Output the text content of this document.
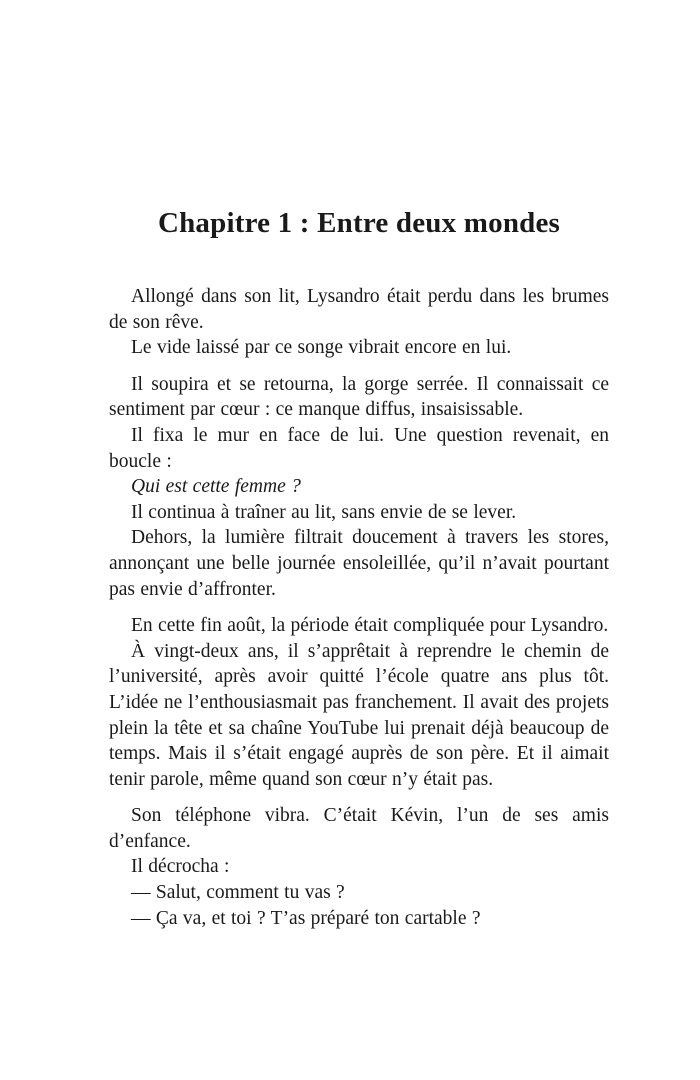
Chapitre 1 : Entre deux mondes

Allongé dans son lit, Lysandro était perdu dans les brumes de son rêve.

Le vide laissé par ce songe vibrait encore en lui.

Il soupira et se retourna, la gorge serrée. Il connaissait ce sentiment par cœur : ce manque diffus, insaisissable.

Il fixa le mur en face de lui. Une question revenait, en boucle :

Qui est cette femme ?

Il continua à traîner au lit, sans envie de se lever.

Dehors, la lumière filtrait doucement à travers les stores, annonçant une belle journée ensoleillée, qu’il n’avait pourtant pas envie d’affronter.

En cette fin août, la période était compliquée pour Lysandro.

À vingt-deux ans, il s’apprêtait à reprendre le chemin de l’université, après avoir quitté l’école quatre ans plus tôt. L’idée ne l’enthousiasmait pas franchement. Il avait des projets plein la tête et sa chaîne YouTube lui prenait déjà beaucoup de temps. Mais il s’était engagé auprès de son père. Et il aimait tenir parole, même quand son cœur n’y était pas.

Son téléphone vibra. C’était Kévin, l’un de ses amis d’enfance.

Il décrocha :

— Salut, comment tu vas ?

— Ça va, et toi ? T’as préparé ton cartable ?
